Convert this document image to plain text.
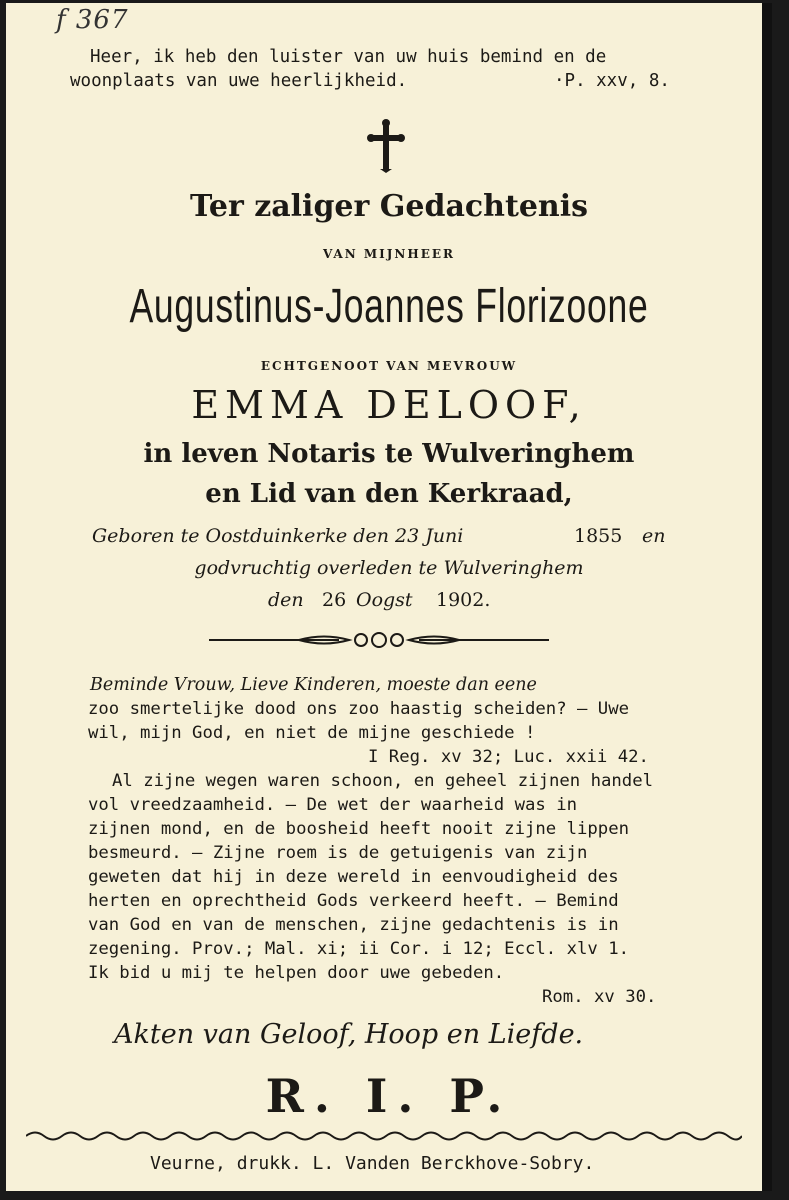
f 367
Heer, ik heb den luister van uw huis bemind en de
woonplaats van uwe heerlijkheid.	·P. xxv, 8.
Ter zaliger Gedachtenis
VAN MIJNHEER
Augustinus-Joannes Florizoone
ECHTGENOOT VAN MEVROUW
EMMA DELOOF,
in leven Notaris te Wulveringhem
en Lid van den Kerkraad,
Geboren te Oostduinkerke den 23 Juni	1855 en
godvruchtig overleden te Wulveringhem
den 26 Oogst 1902.
Beminde Vrouw, Lieve Kinderen, moeste dan eene
zoo smertelijke dood ons zoo haastig scheiden? — Uwe
wil, mijn God, en niet de mijne geschiede !
I Reg. xv 32; Luc. xxii 42.
Al zijne wegen waren schoon, en geheel zijnen handel
vol vreedzaamheid. — De wet der waarheid was in
zijnen mond, en de boosheid heeft nooit zijne lippen
besmeurd. — Zijne roem is de getuigenis van zijn
geweten dat hij in deze wereld in eenvoudigheid des
herten en oprechtheid Gods verkeerd heeft. — Bemind
van God en van de menschen, zijne gedachtenis is in
zegening. Prov.; Mal. xi; ii Cor. i 12; Eccl. xlv 1.
Ik bid u mij te helpen door uwe gebeden.
Rom. xv 30.
Akten van Geloof, Hoop en Liefde.
R. I. P.
Veurne, drukk. L. Vanden Berckhove-Sobry.
